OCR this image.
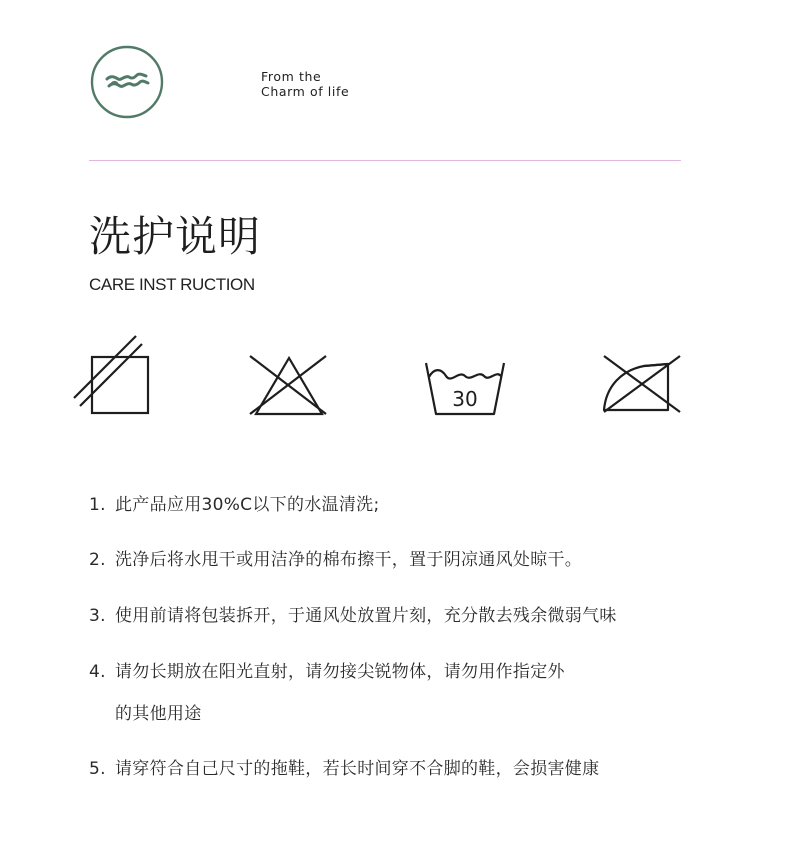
From the
Charm of life
洗护说明
CARE INST RUCTION
30
1. 此产品应用30%C以下的水温清洗;
2. 洗净后将水甩干或用洁净的棉布擦干，置于阴凉通风处晾干。
3. 使用前请将包装拆开，于通风处放置片刻，充分散去残余微弱气味
4. 请勿长期放在阳光直射，请勿接尖锐物体，请勿用作指定外
的其他用途
5. 请穿符合自己尺寸的拖鞋，若长时间穿不合脚的鞋，会损害健康
